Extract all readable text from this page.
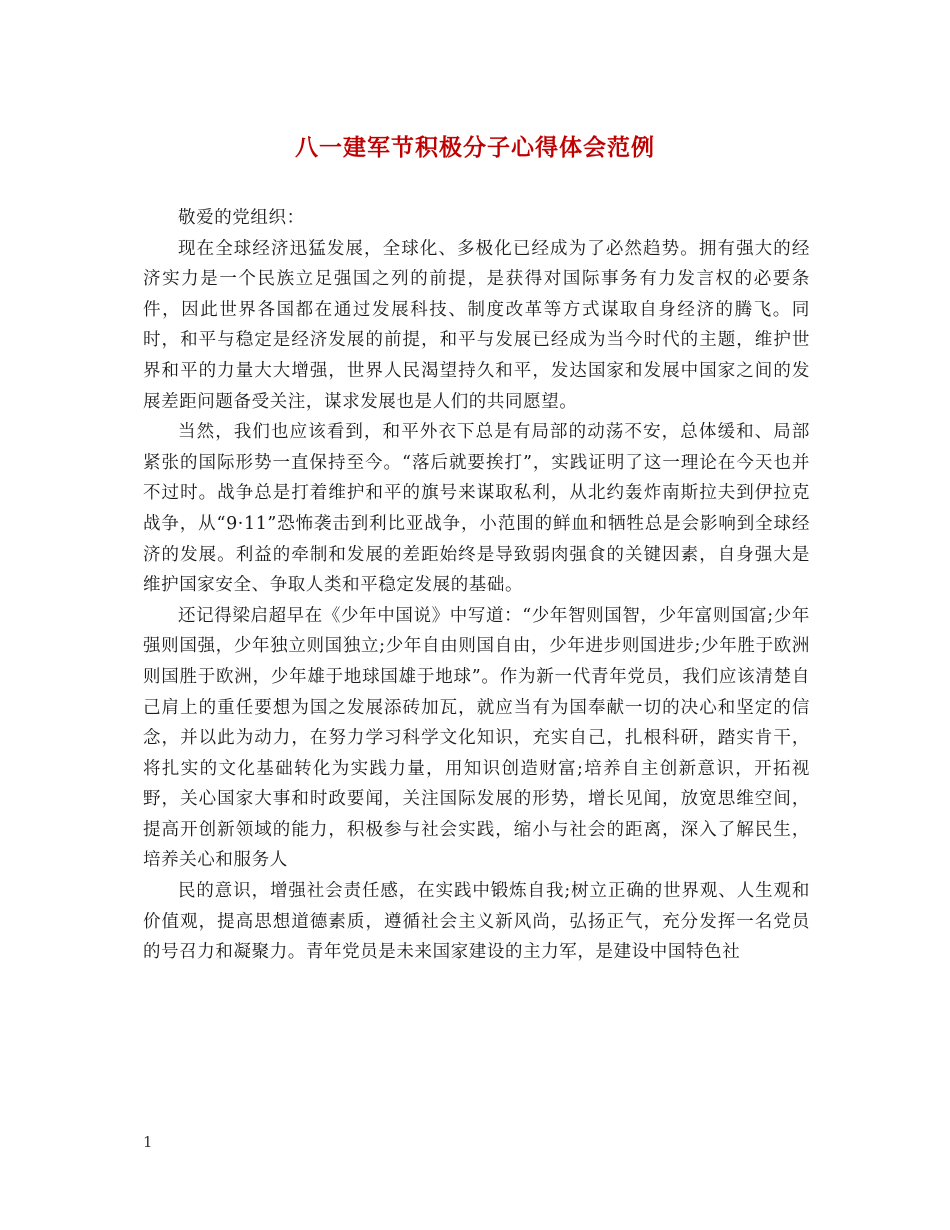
八一建军节积极分子心得体会范例

敬爱的党组织：

现在全球经济迅猛发展，全球化、多极化已经成为了必然趋势。拥有强大的经济实力是一个民族立足强国之列的前提，是获得对国际事务有力发言权的必要条件，因此世界各国都在通过发展科技、制度改革等方式谋取自身经济的腾飞。同时，和平与稳定是经济发展的前提，和平与发展已经成为当今时代的主题，维护世界和平的力量大大增强，世界人民渴望持久和平，发达国家和发展中国家之间的发展差距问题备受关注，谋求发展也是人们的共同愿望。

当然，我们也应该看到，和平外衣下总是有局部的动荡不安，总体缓和、局部紧张的国际形势一直保持至今。“落后就要挨打”，实践证明了这一理论在今天也并不过时。战争总是打着维护和平的旗号来谋取私利，从北约轰炸南斯拉夫到伊拉克战争，从“9·11”恐怖袭击到利比亚战争，小范围的鲜血和牺牲总是会影响到全球经济的发展。利益的牵制和发展的差距始终是导致弱肉强食的关键因素，自身强大是维护国家安全、争取人类和平稳定发展的基础。

还记得梁启超早在《少年中国说》中写道：“少年智则国智，少年富则国富;少年强则国强，少年独立则国独立;少年自由则国自由，少年进步则国进步;少年胜于欧洲则国胜于欧洲，少年雄于地球国雄于地球”。作为新一代青年党员，我们应该清楚自己肩上的重任要想为国之发展添砖加瓦，就应当有为国奉献一切的决心和坚定的信念，并以此为动力，在努力学习科学文化知识，充实自己，扎根科研，踏实肯干，将扎实的文化基础转化为实践力量，用知识创造财富;培养自主创新意识，开拓视野，关心国家大事和时政要闻，关注国际发展的形势，增长见闻，放宽思维空间，提高开创新领域的能力，积极参与社会实践，缩小与社会的距离，深入了解民生，培养关心和服务人

民的意识，增强社会责任感，在实践中锻炼自我;树立正确的世界观、人生观和价值观，提高思想道德素质，遵循社会主义新风尚，弘扬正气，充分发挥一名党员的号召力和凝聚力。青年党员是未来国家建设的主力军，是建设中国特色社

1
